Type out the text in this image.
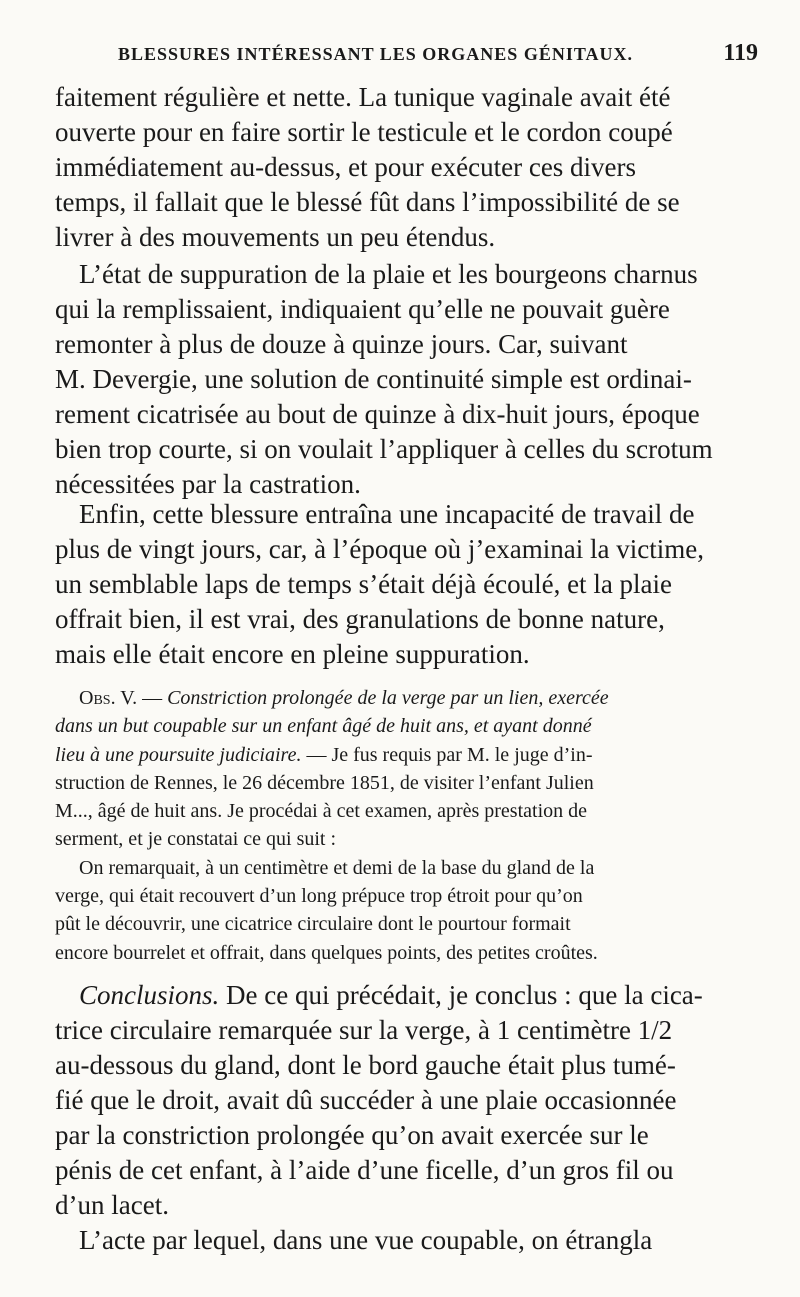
BLESSURES INTÉRESSANT LES ORGANES GÉNITAUX.	119
faitement régulière et nette. La tunique vaginale avait été
ouverte pour en faire sortir le testicule et le cordon coupé
immédiatement au-dessus, et pour exécuter ces divers
temps, il fallait que le blessé fût dans l’impossibilité de se
livrer à des mouvements un peu étendus.
L’état de suppuration de la plaie et les bourgeons charnus
qui la remplissaient, indiquaient qu’elle ne pouvait guère
remonter à plus de douze à quinze jours. Car, suivant
M. Devergie, une solution de continuité simple est ordinai-
rement cicatrisée au bout de quinze à dix-huit jours, époque
bien trop courte, si on voulait l’appliquer à celles du scrotum
nécessitées par la castration.
Enfin, cette blessure entraîna une incapacité de travail de
plus de vingt jours, car, à l’époque où j’examinai la victime,
un semblable laps de temps s’était déjà écoulé, et la plaie
offrait bien, il est vrai, des granulations de bonne nature,
mais elle était encore en pleine suppuration.
Obs. V. — Constriction prolongée de la verge par un lien, exercée
dans un but coupable sur un enfant âgé de huit ans, et ayant donné
lieu à une poursuite judiciaire. — Je fus requis par M. le juge d’in-
struction de Rennes, le 26 décembre 1851, de visiter l’enfant Julien
M..., âgé de huit ans. Je procédai à cet examen, après prestation de
serment, et je constatai ce qui suit :
On remarquait, à un centimètre et demi de la base du gland de la
verge, qui était recouvert d’un long prépuce trop étroit pour qu’on
pût le découvrir, une cicatrice circulaire dont le pourtour formait
encore bourrelet et offrait, dans quelques points, des petites croûtes.
Conclusions. De ce qui précédait, je conclus : que la cica-
trice circulaire remarquée sur la verge, à 1 centimètre 1/2
au-dessous du gland, dont le bord gauche était plus tumé-
fié que le droit, avait dû succéder à une plaie occasionnée
par la constriction prolongée qu’on avait exercée sur le
pénis de cet enfant, à l’aide d’une ficelle, d’un gros fil ou
d’un lacet.
L’acte par lequel, dans une vue coupable, on étrangla
